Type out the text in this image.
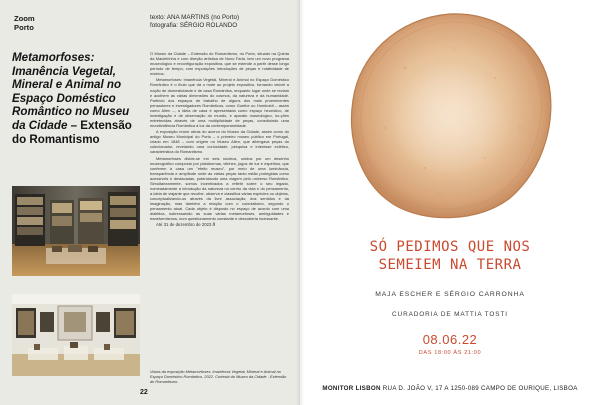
Zoom
Porto
texto: ANA MARTINS (no Porto)
fotografia: SÉRGIO ROLANDO
Metamorfoses: Imanência Vegetal, Mineral e Animal no Espaço Doméstico Romântico no Museu da Cidade – Extensão do Romantismo

O Museu da Cidade – Extensão do Romantismo, no Porto, situado na Quinta da Macieirinha e com direção artística de Nuno Faria, tem um novo programa museológico e reconfiguração expositiva, que se estende a partir desse longo período de tempo, com exposições introduções de peças e rotatividade de núcleos.

Metamorfoses: Imanência Vegetal, Mineral e Animal no Espaço Doméstico Romântico é o título que dá o mote ao projeto expositivo, tornando visível a noção de domesticidade e de casa Romântica, enquanto lugar onde se reciam e acolhem as várias dimensões do cosmos, da natureza e da humanidade. Partindo dos espaços de trabalho de alguns dos mais proeminentes pensadores e investigadores Românticos, como Goethe ou Humboldt – assim como Allen –, a ideia de casa é apresentada como espaço heurístico, de investigação e de observação do mundo, e aparato museológico, no-ções entretecidas através de uma multiplicidade de peças, constituindo uma mundividência Romântica à luz da contemporaneidade.

A exposição reúne obras do acervo do Museu da Cidade, assim como do antigo Museu Municipal do Porto – o primeiro museu público em Portugal, criado em 1848 – com origem no Museu Allen, que albergava peças do colecionador, revelando uma curiosidade, pesquisa e interesse eclético, característica do Romantismo.

Metamorfoses divide-se em seis núcleos, unidos por um desenho museográfico composto por plataformas, vitrines, jogos de luz e espelhos, que conferem à casa um "efeito museu", por meio de uma luminância, transparência e amplitude onde as várias peças tanto estão protegidas como acessíveis e destacadas, potenciando uma viagem pelo universo Romântico. Simultaneamente, somos incentivados a refletir sobre o seu legado, nomeadamente a introdução da natureza no centro da vida e do pensamento, a ideia de viajante que recolhe, observa e classifica várias espécies ou objetos, conceptualizando-os através da livre associação, dos sentidos e da imaginação, mas também a relação com o colonialismo, segundo o pensamento atual. Cada objeto é disposto no espaço de acordo com uma dialética, sobressaindo as suas várias metamorfoses, ambiguidades e transformismos, num questionamento constante e descoberta incessante.

Até 31 de dezembro de 2023 //

Vistas da exposição Metamorfoses: Imanência Vegetal, Mineral e Animal no Espaço Doméstico Romântico, 2022. Cortesia do Museu da Cidade - Extensão do Romantismo.
22
SÓ PEDIMOS QUE NOS
SEMEIEM NA TERRA
MAJA ESCHER E SÉRGIO CARRONHA
CURADORIA DE MATTIA TOSTI
08.06.22
DAS 18:00 ÀS 21:00
MONITOR LISBON RUA D. JOÃO V, 17 A 1250-089 CAMPO DE OURIQUE, LISBOA
